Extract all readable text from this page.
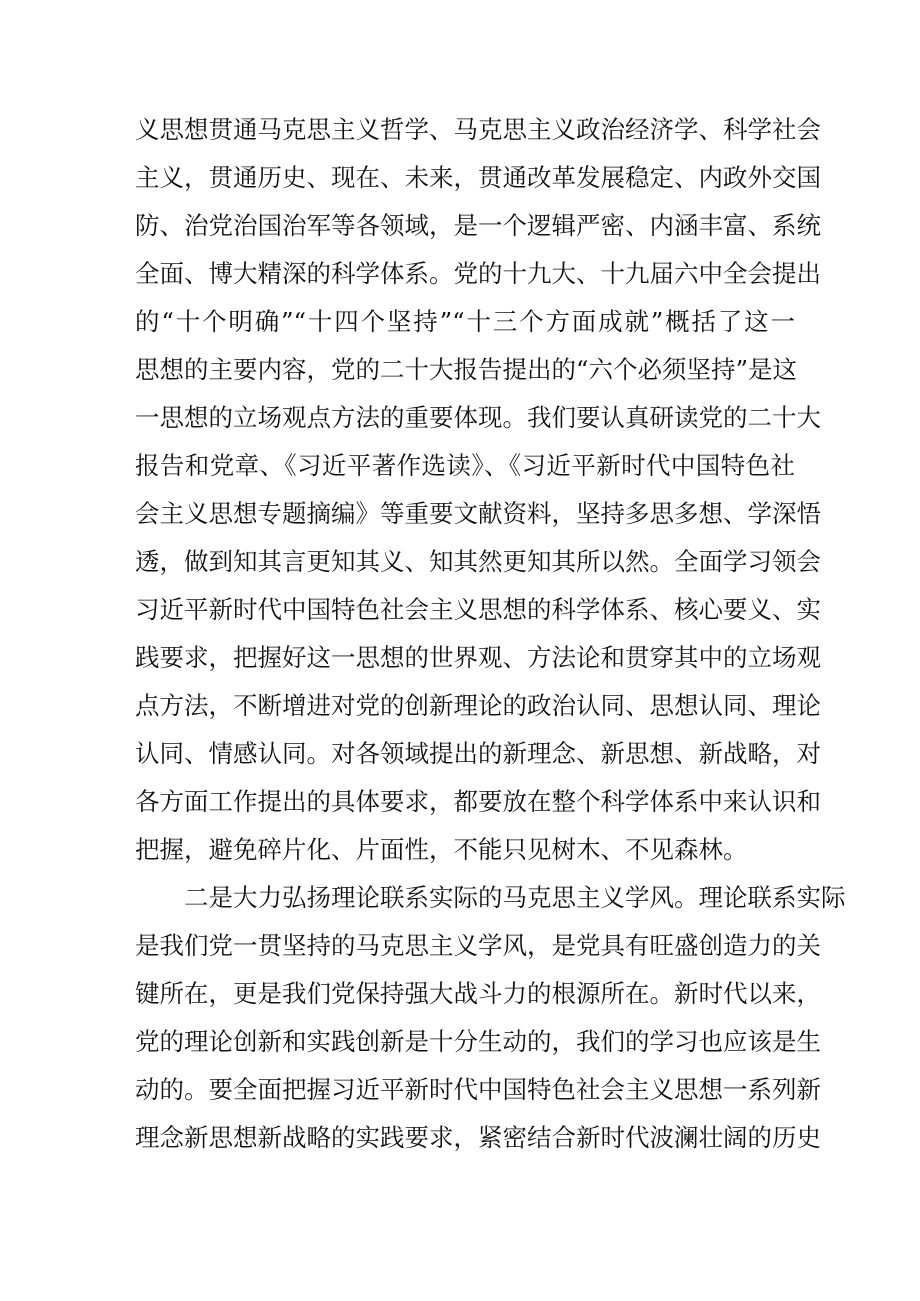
义思想贯通马克思主义哲学、马克思主义政治经济学、科学社会
主义，贯通历史、现在、未来，贯通改革发展稳定、内政外交国
防、治党治国治军等各领域，是一个逻辑严密、内涵丰富、系统
全面、博大精深的科学体系。党的十九大、十九届六中全会提出
的“十个明确”“十四个坚持”“十三个方面成就”概括了这一
思想的主要内容，党的二十大报告提出的“六个必须坚持”是这
一思想的立场观点方法的重要体现。我们要认真研读党的二十大
报告和党章、《习近平著作选读》、《习近平新时代中国特色社
会主义思想专题摘编》等重要文献资料，坚持多思多想、学深悟
透，做到知其言更知其义、知其然更知其所以然。全面学习领会
习近平新时代中国特色社会主义思想的科学体系、核心要义、实
践要求，把握好这一思想的世界观、方法论和贯穿其中的立场观
点方法，不断增进对党的创新理论的政治认同、思想认同、理论
认同、情感认同。对各领域提出的新理念、新思想、新战略，对
各方面工作提出的具体要求，都要放在整个科学体系中来认识和
把握，避免碎片化、片面性，不能只见树木、不见森林。
二是大力弘扬理论联系实际的马克思主义学风。理论联系实际
是我们党一贯坚持的马克思主义学风，是党具有旺盛创造力的关
键所在，更是我们党保持强大战斗力的根源所在。新时代以来，
党的理论创新和实践创新是十分生动的，我们的学习也应该是生
动的。要全面把握习近平新时代中国特色社会主义思想一系列新
理念新思想新战略的实践要求，紧密结合新时代波澜壮阔的历史
